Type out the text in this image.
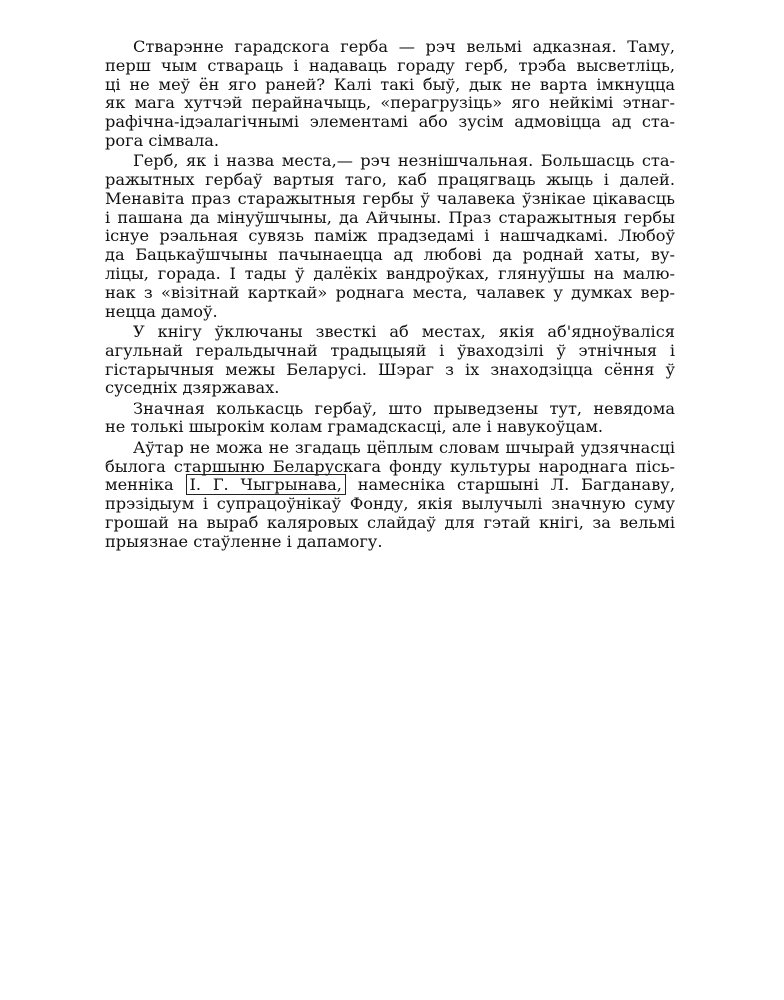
Стварэнне гарадскога герба — рэч вельмі адказная. Таму,
перш чым ствараць і надаваць гораду герб, трэба высветліць,
ці не меў ён яго раней? Калі такі быў, дык не варта імкнуцца
як мага хутчэй перайначыць, «перагрузіць» яго нейкімі этнаг-
рафічна-ідэалагічнымі элементамі або зусім адмовіцца ад ста-
рога сімвала.
Герб, як і назва места,— рэч незнішчальная. Большасць ста-
ражытных гербаў вартыя таго, каб працягваць жыць і далей.
Менавіта праз старажытныя гербы ў чалавека ўзнікае цікавасць
і пашана да мінуўшчыны, да Айчыны. Праз старажытныя гербы
існуе рэальная сувязь паміж прадзедамі і нашчадкамі. Любоў
да Бацькаўшчыны пачынаецца ад любові да роднай хаты, ву-
ліцы, горада. І тады ў далёкіх вандроўках, глянуўшы на малю-
нак з «візітнай карткай» роднага места, чалавек у думках вер-
нецца дамоў.
У кнігу ўключаны звесткі аб местах, якія аб'ядноўваліся
агульнай геральдычнай традыцыяй і ўваходзілі ў этнічныя і
гістарычныя межы Беларусі. Шэраг з іх знаходзіцца сёння ў
суседніх дзяржавах.
Значная колькасць гербаў, што прыведзены тут, невядома
не толькі шырокім колам грамадскасці, але і навукоўцам.
Аўтар не можа не згадаць цёплым словам шчырай удзячнасці
былога старшыню Беларускага фонду культуры народнага пісь-
менніка І. Г. Чыгрынава, намесніка старшыні Л. Багданаву,
прэзідыум і супрацоўнікаў Фонду, якія вылучылі значную суму
грошай на выраб каляровых слайдаў для гэтай кнігі, за вельмі
прыязнае стаўленне і дапамогу.
